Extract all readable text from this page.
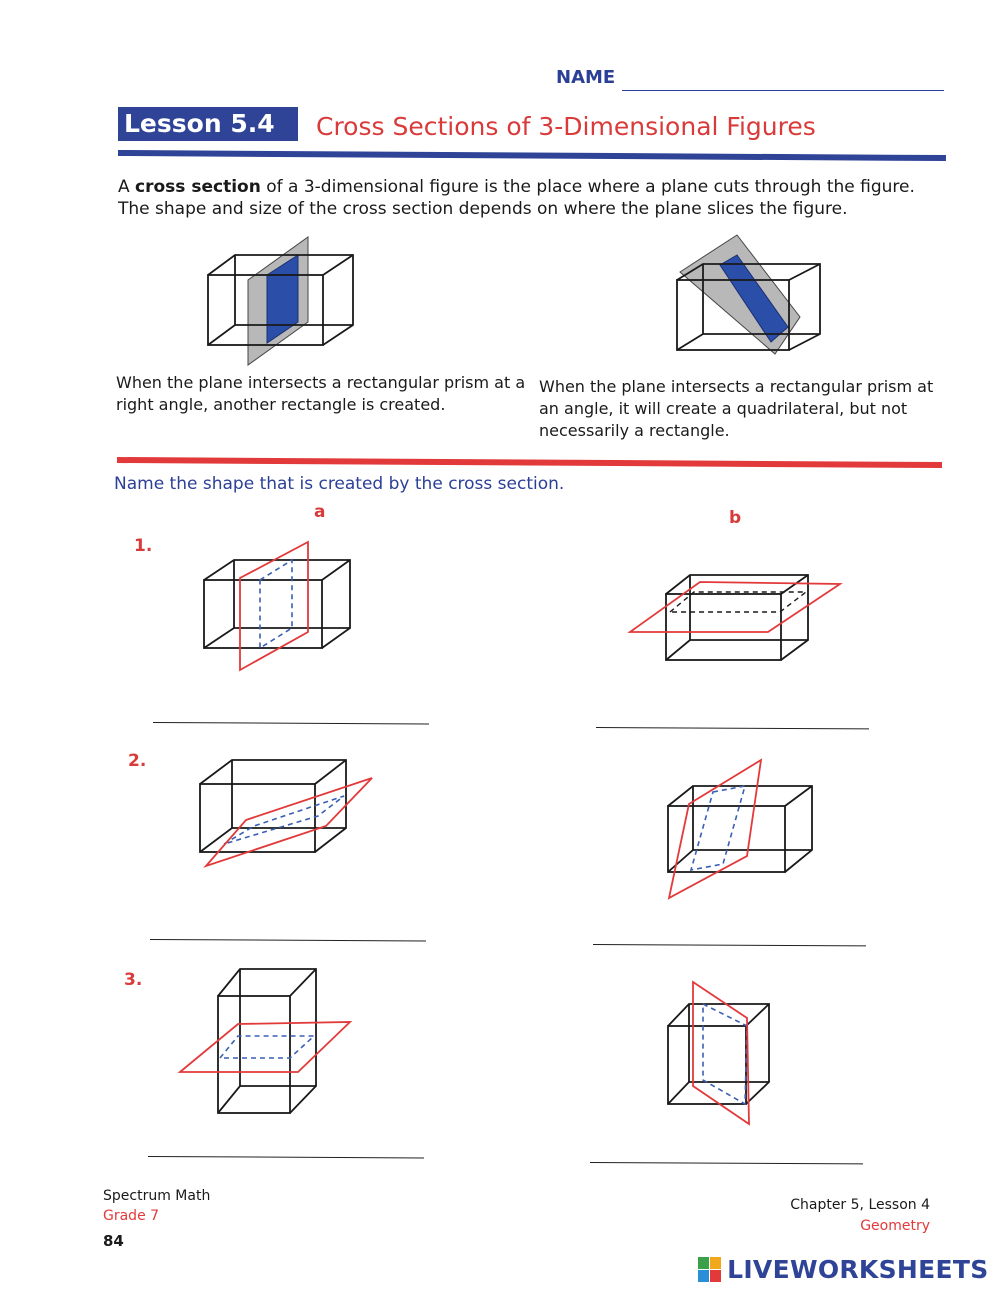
NAME
Lesson 5.4	Cross Sections of 3-Dimensional Figures
A cross section of a 3-dimensional figure is the place where a plane cuts through the figure. The shape and size of the cross section depends on where the plane slices the figure.
When the plane intersects a rectangular prism at a right angle, another rectangle is created.
When the plane intersects a rectangular prism at an angle, it will create a quadrilateral, but not necessarily a rectangle.
Name the shape that is created by the cross section.
a	b
1.
2.
3.
Spectrum Math
Grade 7
84
Chapter 5, Lesson 4
Geometry
LIVEWORKSHEETS
